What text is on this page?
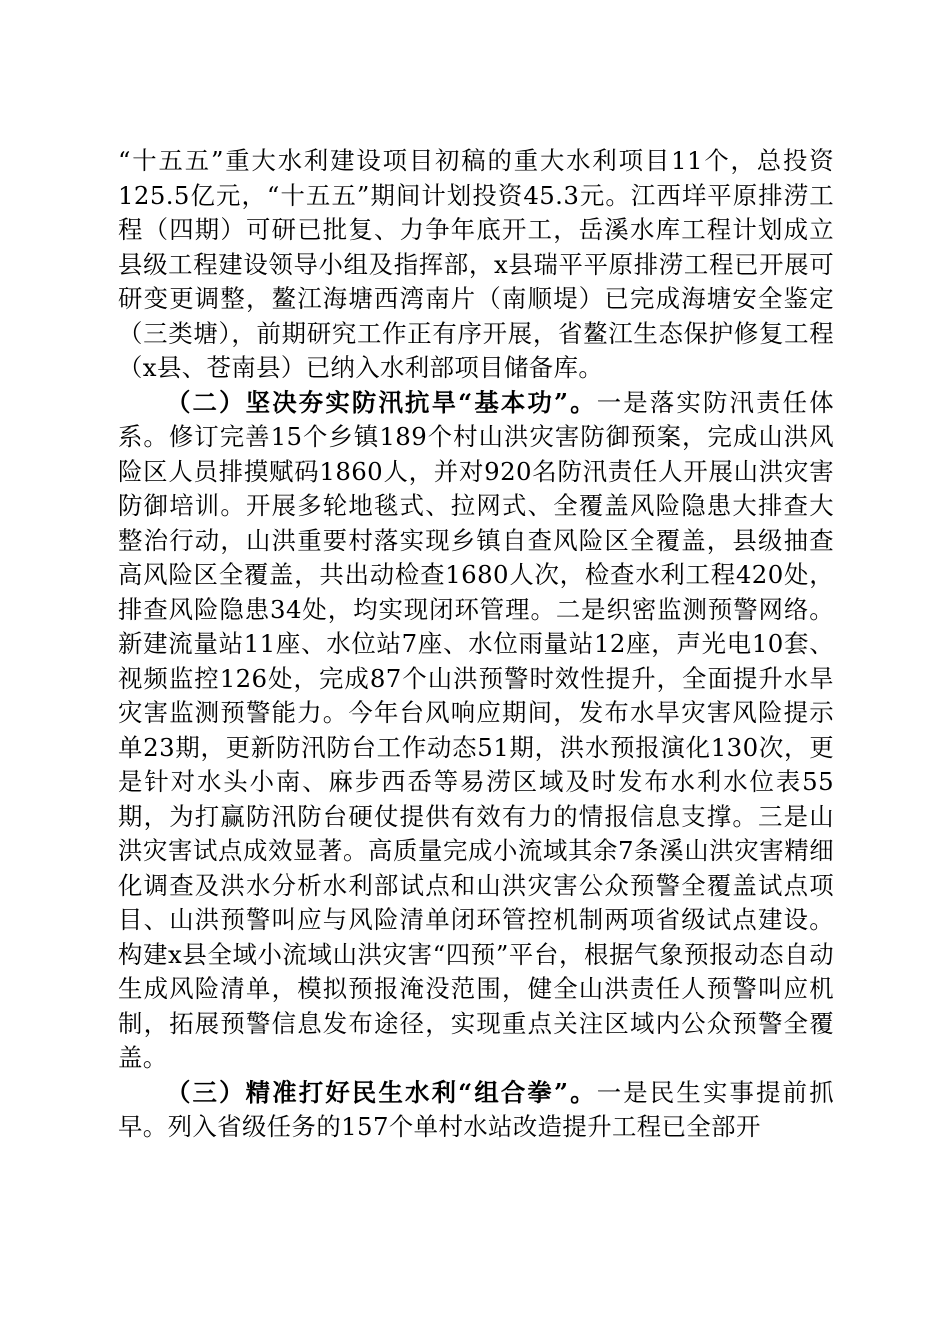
“十五五”重大水利建设项目初稿的重大水利项目11个，总投资125.5亿元，“十五五”期间计划投资45.3元。江西垟平原排涝工程（四期）可研已批复、力争年底开工，岳溪水库工程计划成立县级工程建设领导小组及指挥部，x县瑞平平原排涝工程已开展可研变更调整，鳌江海塘西湾南片（南顺堤）已完成海塘安全鉴定（三类塘），前期研究工作正有序开展，省鳌江生态保护修复工程（x县、苍南县）已纳入水利部项目储备库。

（二）坚决夯实防汛抗旱“基本功”。一是落实防汛责任体系。修订完善15个乡镇189个村山洪灾害防御预案，完成山洪风险区人员排摸赋码1860人，并对920名防汛责任人开展山洪灾害防御培训。开展多轮地毯式、拉网式、全覆盖风险隐患大排查大整治行动，山洪重要村落实现乡镇自查风险区全覆盖，县级抽查高风险区全覆盖，共出动检查1680人次，检查水利工程420处，排查风险隐患34处，均实现闭环管理。二是织密监测预警网络。新建流量站11座、水位站7座、水位雨量站12座，声光电10套、视频监控126处，完成87个山洪预警时效性提升，全面提升水旱灾害监测预警能力。今年台风响应期间，发布水旱灾害风险提示单23期，更新防汛防台工作动态51期，洪水预报演化130次，更是针对水头小南、麻步西岙等易涝区域及时发布水利水位表55期，为打赢防汛防台硬仗提供有效有力的情报信息支撑。三是山洪灾害试点成效显著。高质量完成小流域其余7条溪山洪灾害精细化调查及洪水分析水利部试点和山洪灾害公众预警全覆盖试点项目、山洪预警叫应与风险清单闭环管控机制两项省级试点建设。构建x县全域小流域山洪灾害“四预”平台，根据气象预报动态自动生成风险清单，模拟预报淹没范围，健全山洪责任人预警叫应机制，拓展预警信息发布途径，实现重点关注区域内公众预警全覆盖。

（三）精准打好民生水利“组合拳”。一是民生实事提前抓早。列入省级任务的157个单村水站改造提升工程已全部开
